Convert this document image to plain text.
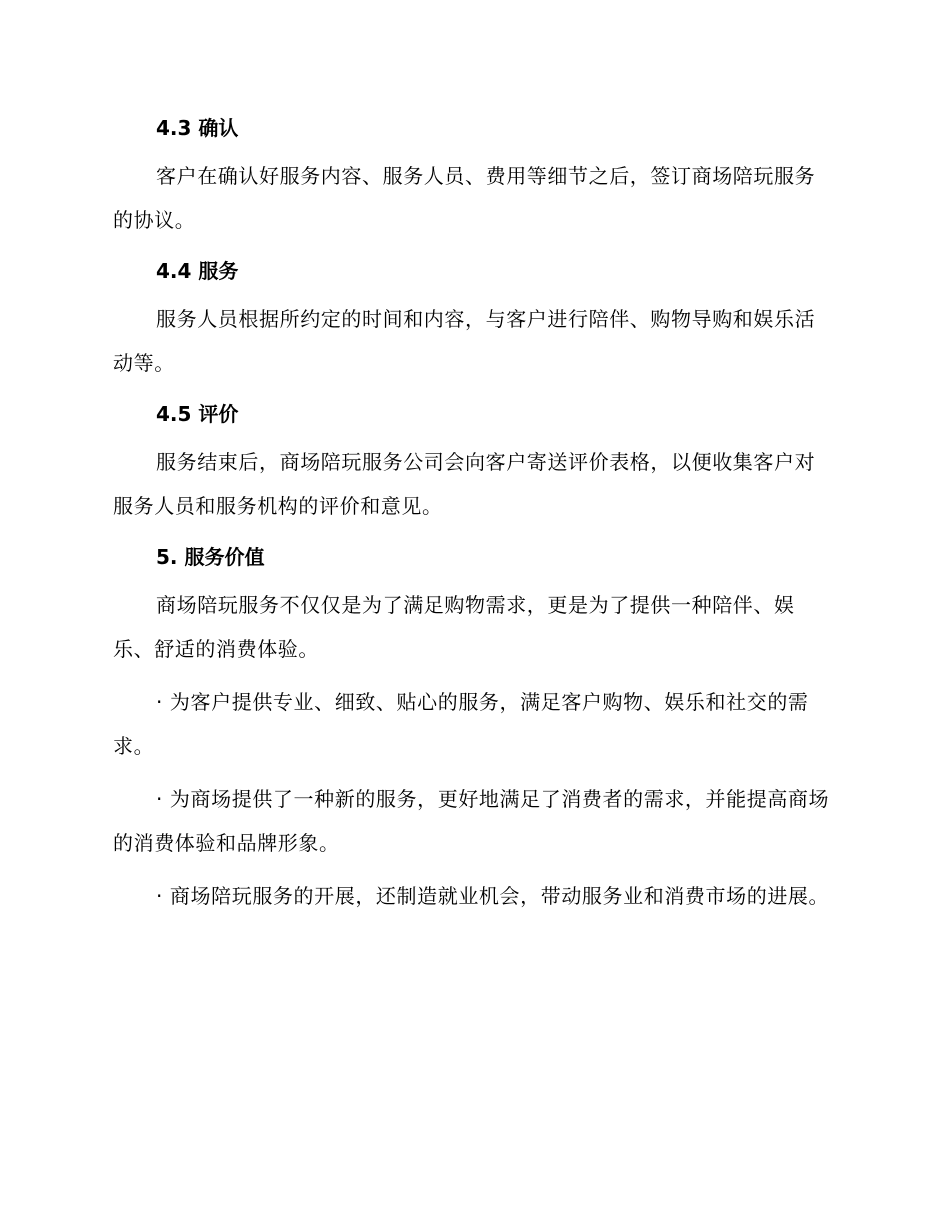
4.3 确认

客户在确认好服务内容、服务人员、费用等细节之后，签订商场陪玩服务的协议。

4.4 服务

服务人员根据所约定的时间和内容，与客户进行陪伴、购物导购和娱乐活动等。

4.5 评价

服务结束后，商场陪玩服务公司会向客户寄送评价表格，以便收集客户对服务人员和服务机构的评价和意见。

5. 服务价值

商场陪玩服务不仅仅是为了满足购物需求，更是为了提供一种陪伴、娱乐、舒适的消费体验。

· 为客户提供专业、细致、贴心的服务，满足客户购物、娱乐和社交的需求。

· 为商场提供了一种新的服务，更好地满足了消费者的需求，并能提高商场的消费体验和品牌形象。

· 商场陪玩服务的开展，还制造就业机会，带动服务业和消费市场的进展。
